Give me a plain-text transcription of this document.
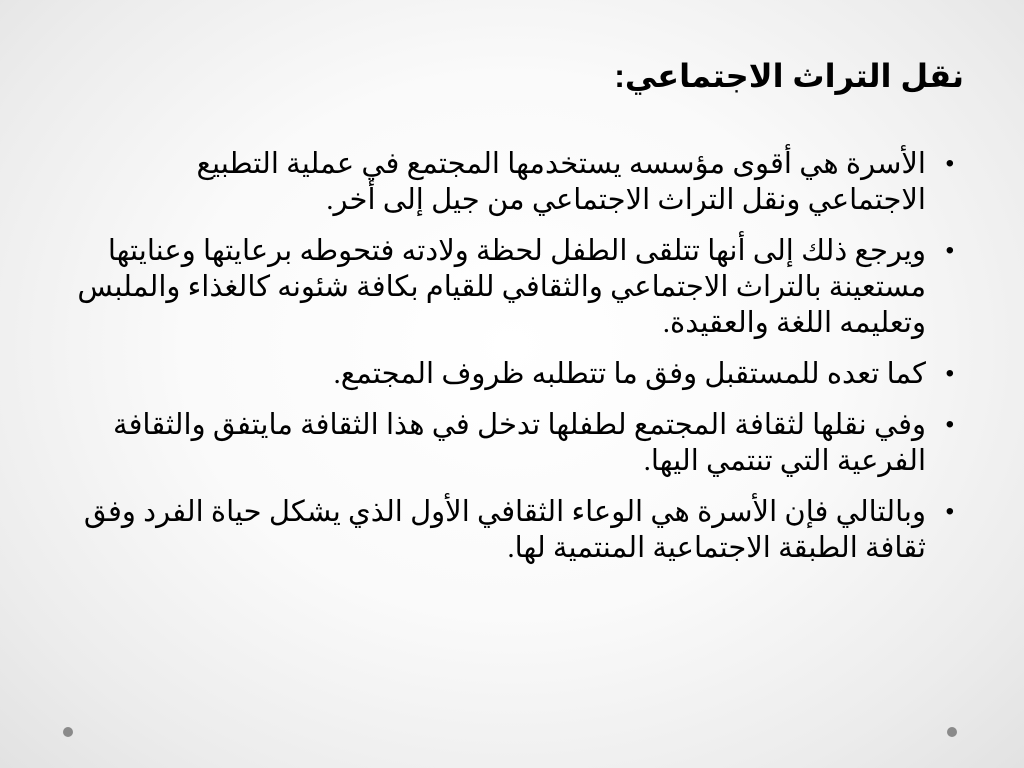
نقل التراث الاجتماعي:
•
الأسرة هي أقوى مؤسسه يستخدمها المجتمع في عملية التطبيع الاجتماعي ونقل التراث الاجتماعي من جيل إلى أخر.
•
ويرجع ذلك إلى أنها تتلقى الطفل لحظة ولادته فتحوطه برعايتها وعنايتها مستعينة بالتراث الاجتماعي والثقافي للقيام بكافة شئونه كالغذاء والملبس وتعليمه اللغة والعقيدة.
•
كما تعده للمستقبل وفق ما تتطلبه ظروف المجتمع.
•
وفي نقلها لثقافة المجتمع لطفلها تدخل في هذا الثقافة مايتفق والثقافة الفرعية التي تنتمي اليها.
•
وبالتالي فإن الأسرة هي الوعاء الثقافي الأول الذي يشكل حياة الفرد وفق ثقافة الطبقة الاجتماعية المنتمية لها.
